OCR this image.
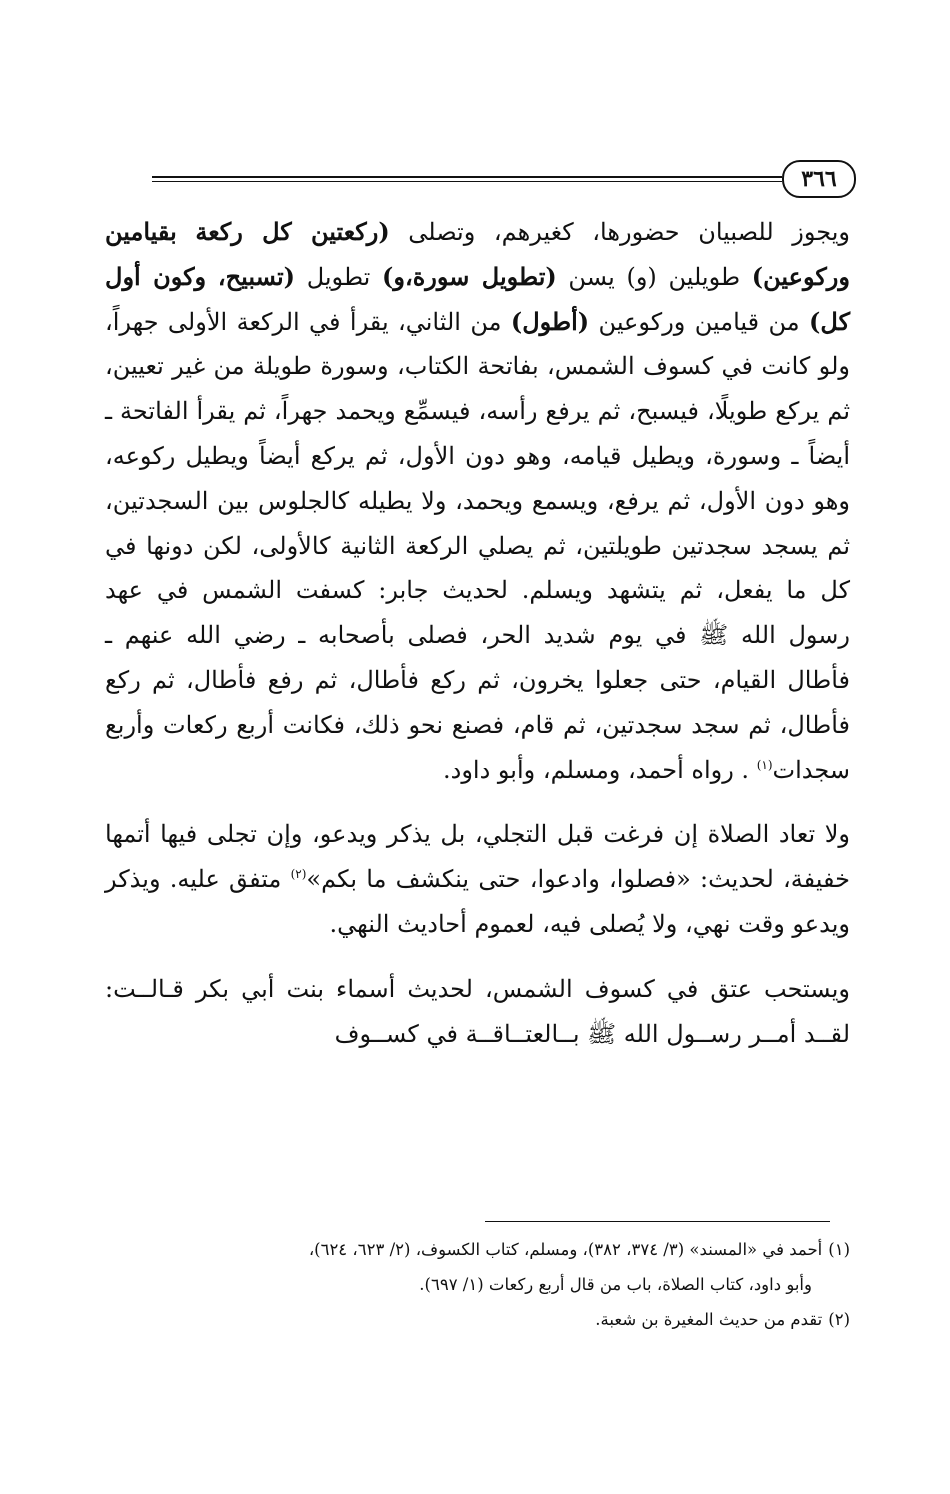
٣٦٦

ويجوز للصبيان حضورها، كغيرهم، وتصلى (ركعتين كل ركعة بقيامين وركوعين) طويلين (و) يسن (تطويل سورة،و) تطويل (تسبيح، وكون أول كل) من قيامين وركوعين (أطول) من الثاني، يقرأ في الركعة الأولى جهراً، ولو كانت في كسوف الشمس، بفاتحة الكتاب، وسورة طويلة من غير تعيين، ثم يركع طويلًا، فيسبح، ثم يرفع رأسه، فيسمِّع ويحمد جهراً، ثم يقرأ الفاتحة ـ أيضاً ـ وسورة، ويطيل قيامه، وهو دون الأول، ثم يركع أيضاً ويطيل ركوعه، وهو دون الأول، ثم يرفع، ويسمع ويحمد، ولا يطيله كالجلوس بين السجدتين، ثم يسجد سجدتين طويلتين، ثم يصلي الركعة الثانية كالأولى، لكن دونها في كل ما يفعل، ثم يتشهد ويسلم. لحديث جابر: كسفت الشمس في عهد رسول الله ﷺ في يوم شديد الحر، فصلى بأصحابه ـ رضي الله عنهم ـ فأطال القيام، حتى جعلوا يخرون، ثم ركع فأطال، ثم رفع فأطال، ثم ركع فأطال، ثم سجد سجدتين، ثم قام، فصنع نحو ذلك، فكانت أربع ركعات وأربع سجدات$^{(١)}$ . رواه أحمد، ومسلم، وأبو داود.

ولا تعاد الصلاة إن فرغت قبل التجلي، بل يذكر ويدعو، وإن تجلى فيها أتمها خفيفة، لحديث: «فصلوا، وادعوا، حتى ينكشف ما بكم»$^{(٢)}$ متفق عليه. ويذكر ويدعو وقت نهي، ولا يُصلى فيه، لعموم أحاديث النهي.

ويستحب عتق في كسوف الشمس، لحديث أسماء بنت أبي بكر قـالــت: لقــد أمــر رســول الله ﷺ بــالعتــاقــة في كســوف

(١)أحمد في «المسند» (٣/ ٣٧٤، ٣٨٢)، ومسلم، كتاب الكسوف، (٢/ ٦٢٣، ٦٢٤)،
وأبو داود، كتاب الصلاة، باب من قال أربع ركعات (١/ ٦٩٧).
(٢)تقدم من حديث المغيرة بن شعبة.
